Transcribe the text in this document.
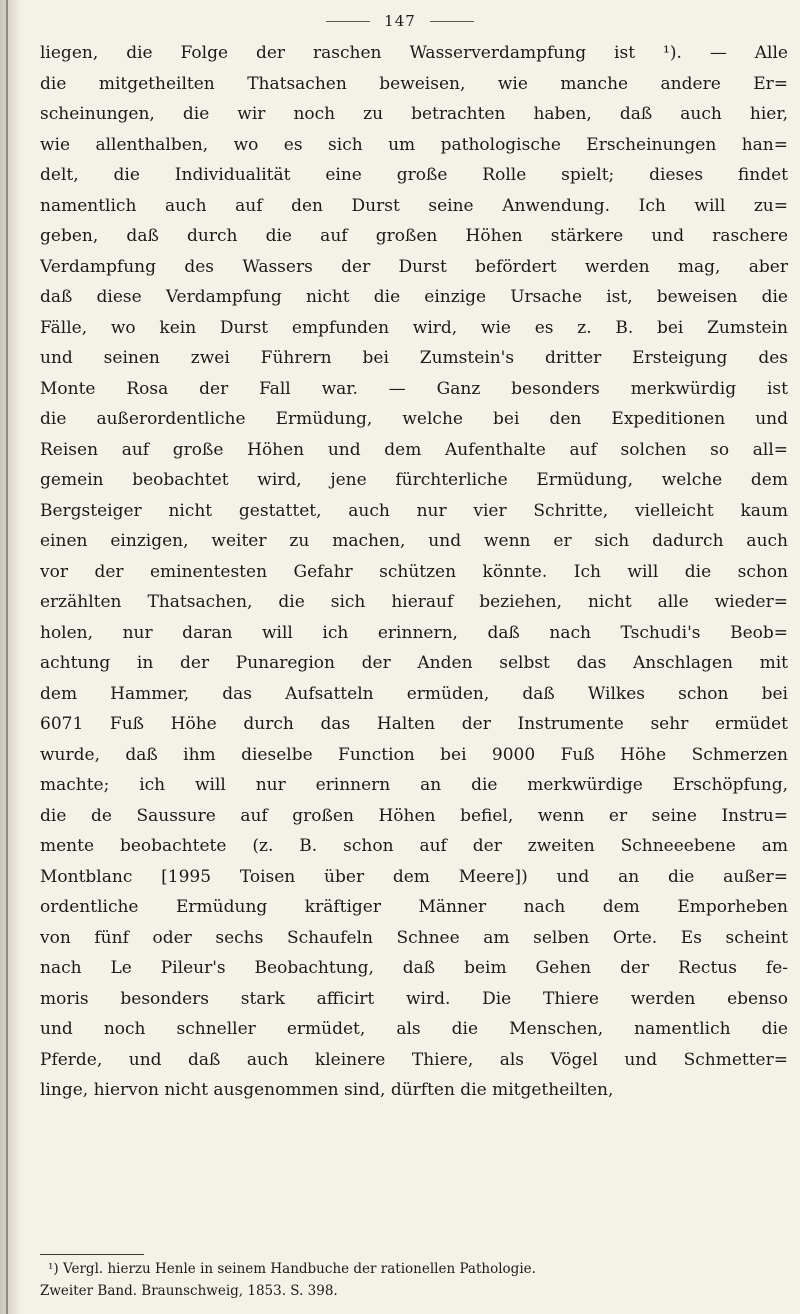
147
liegen, die Folge der raschen Wasserverdampfung ist ¹). — Alle
die mitgetheilten Thatsachen beweisen, wie manche andere Er=
scheinungen, die wir noch zu betrachten haben, daß auch hier,
wie allenthalben, wo es sich um pathologische Erscheinungen han=
delt, die Individualität eine große Rolle spielt; dieses findet
namentlich auch auf den Durst seine Anwendung. Ich will zu=
geben, daß durch die auf großen Höhen stärkere und raschere
Verdampfung des Wassers der Durst befördert werden mag, aber
daß diese Verdampfung nicht die einzige Ursache ist, beweisen die
Fälle, wo kein Durst empfunden wird, wie es z. B. bei Zumstein
und seinen zwei Führern bei Zumstein's dritter Ersteigung des
Monte Rosa der Fall war. — Ganz besonders merkwürdig ist
die außerordentliche Ermüdung, welche bei den Expeditionen und
Reisen auf große Höhen und dem Aufenthalte auf solchen so all=
gemein beobachtet wird, jene fürchterliche Ermüdung, welche dem
Bergsteiger nicht gestattet, auch nur vier Schritte, vielleicht kaum
einen einzigen, weiter zu machen, und wenn er sich dadurch auch
vor der eminentesten Gefahr schützen könnte. Ich will die schon
erzählten Thatsachen, die sich hierauf beziehen, nicht alle wieder=
holen, nur daran will ich erinnern, daß nach Tschudi's Beob=
achtung in der Punaregion der Anden selbst das Anschlagen mit
dem Hammer, das Aufsatteln ermüden, daß Wilkes schon bei
6071 Fuß Höhe durch das Halten der Instrumente sehr ermüdet
wurde, daß ihm dieselbe Function bei 9000 Fuß Höhe Schmerzen
machte; ich will nur erinnern an die merkwürdige Erschöpfung,
die de Saussure auf großen Höhen befiel, wenn er seine Instru=
mente beobachtete (z. B. schon auf der zweiten Schneeebene am
Montblanc [1995 Toisen über dem Meere]) und an die außer=
ordentliche Ermüdung kräftiger Männer nach dem Emporheben
von fünf oder sechs Schaufeln Schnee am selben Orte. Es scheint
nach Le Pileur's Beobachtung, daß beim Gehen der Rectus fe-
moris besonders stark afficirt wird. Die Thiere werden ebenso
und noch schneller ermüdet, als die Menschen, namentlich die
Pferde, und daß auch kleinere Thiere, als Vögel und Schmetter=
linge, hiervon nicht ausgenommen sind, dürften die mitgetheilten,
¹) Vergl. hierzu Henle in seinem Handbuche der rationellen Pathologie.
Zweiter Band. Braunschweig, 1853. S. 398.
